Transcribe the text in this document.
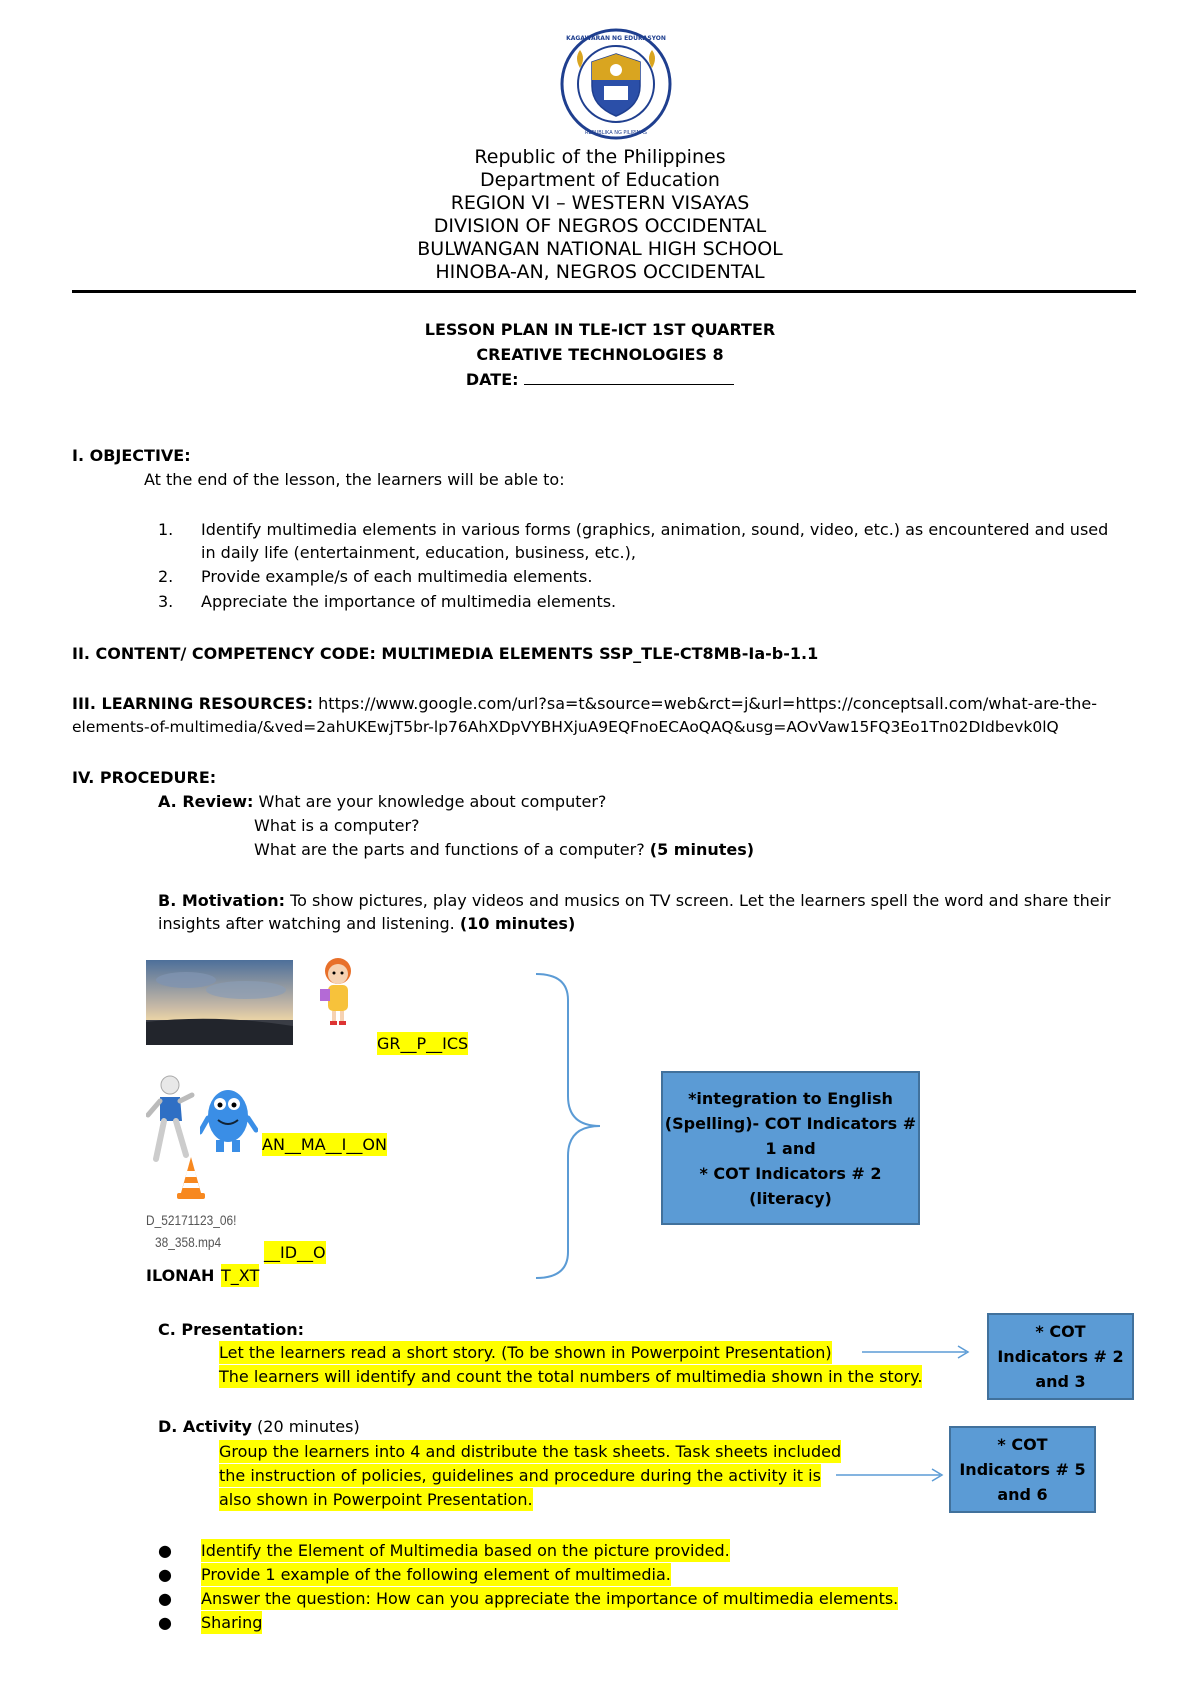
KAGAWARAN NG EDUKASYON
REPUBLIKA NG PILIPINAS
Republic of the Philippines
Department of Education
REGION VI – WESTERN VISAYAS
DIVISION OF NEGROS OCCIDENTAL
BULWANGAN NATIONAL HIGH SCHOOL
HINOBA-AN, NEGROS OCCIDENTAL
LESSON PLAN IN TLE-ICT 1ST QUARTER
CREATIVE TECHNOLOGIES 8
DATE:
I. OBJECTIVE:
At the end of the lesson, the learners will be able to:
1. Identify multimedia elements in various forms (graphics, animation, sound, video, etc.) as encountered and used
in daily life (entertainment, education, business, etc.),
2. Provide example/s of each multimedia elements.
3. Appreciate the importance of multimedia elements.
II. CONTENT/ COMPETENCY CODE: MULTIMEDIA ELEMENTS SSP_TLE-CT8MB-Ia-b-1.1
III. LEARNING RESOURCES: https://www.google.com/url?sa=t&source=web&rct=j&url=https://conceptsall.com/what-are-the-
elements-of-multimedia/&ved=2ahUKEwjT5br-lp76AhXDpVYBHXjuA9EQFnoECAoQAQ&usg=AOvVaw15FQ3Eo1Tn02DIdbevk0lQ
IV. PROCEDURE:
A. Review: What are your knowledge about computer?
What is a computer?
What are the parts and functions of a computer? (5 minutes)
B. Motivation: To show pictures, play videos and musics on TV screen. Let the learners spell the word and share their
insights after watching and listening. (10 minutes)
D_52171123_06!
38_358.mp4
GR__P__ICS
AN__MA__I__ON
__ID__O
ILONAH T_XT
*integration to English
(Spelling)- COT Indicators #
1 and
* COT Indicators # 2
(literacy)
C. Presentation:
Let the learners read a short story. (To be shown in Powerpoint Presentation)
The learners will identify and count the total numbers of multimedia shown in the story.
* COT
Indicators # 2
and 3
D. Activity (20 minutes)
Group the learners into 4 and distribute the task sheets. Task sheets included
the instruction of policies, guidelines and procedure during the activity it is
also shown in Powerpoint Presentation.
* COT
Indicators # 5
and 6
● Identify the Element of Multimedia based on the picture provided.
● Provide 1 example of the following element of multimedia.
● Answer the question: How can you appreciate the importance of multimedia elements.
● Sharing
